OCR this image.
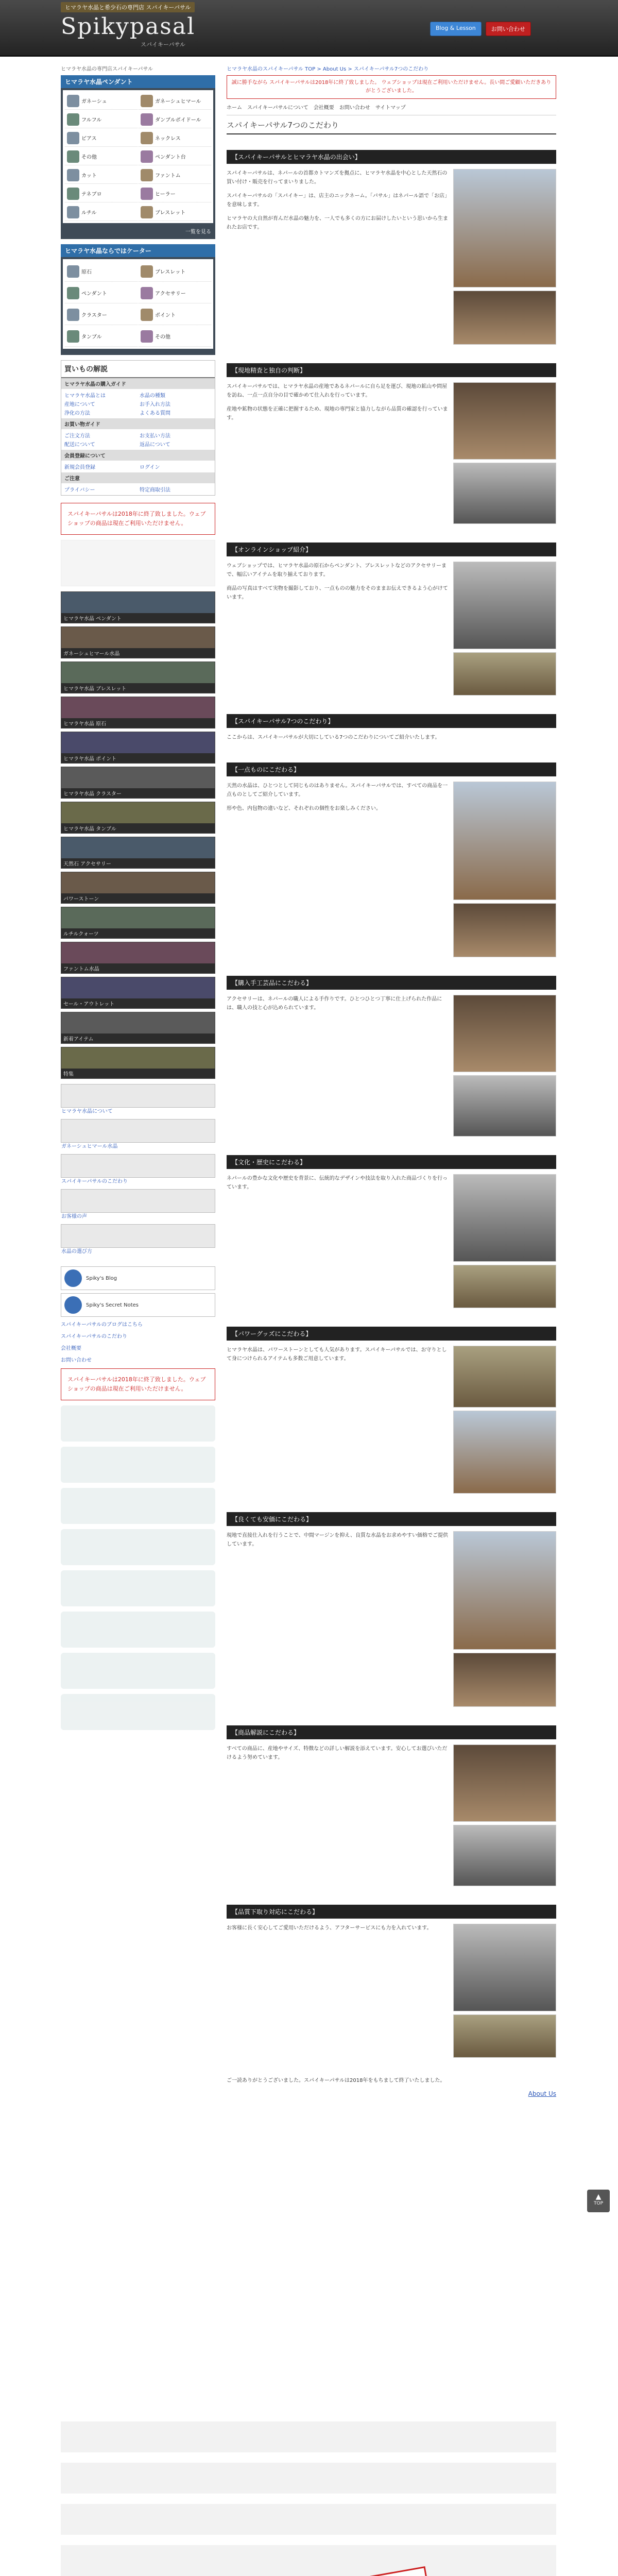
ヒマラヤ水晶と希少石の専門店 スパイキーパサル
Spikypasal
スパイキーパサル
Blog & Lesson	お問い合わせ
ヒマラヤ水晶の専門店スパイキーパサル
ヒマラヤ水晶ペンダント
ガネーシュ	ガネーシュヒマール
フルフル	ダンブルボイドール
ピアス	ネックレス
その他	ペンダント台
カット	ファントム
テネブロ	ヒーラー
ルチル	ブレスレット
一覧を見る
ヒマラヤ水晶ならではケーター
原石	ブレスレット
ペンダント	アクセサリー
クラスター	ポイント
タンブル	その他
買いもの解説
ヒマラヤ水晶の購入ガイド
ヒマラヤ水晶とは	水晶の種類
産地について	お手入れ方法
浄化の方法	よくある質問
お買い物ガイド
ご注文方法	お支払い方法
配送について	返品について
会員登録について
新規会員登録	ログイン
ご注意
プライバシー	特定商取引法
スパイキーパサルは2018年に終了致しました。ウェブショップの商品は現在ご利用いただけません。
ヒマラヤ水晶 ペンダント
ガネーシュヒマール水晶
ヒマラヤ水晶 ブレスレット
ヒマラヤ水晶 原石
ヒマラヤ水晶 ポイント
ヒマラヤ水晶 クラスター
ヒマラヤ水晶 タンブル
天然石 アクセサリー
パワーストーン
ルチルクォーツ
ファントム水晶
セール・アウトレット
新着アイテム
特集
ヒマラヤ水晶について
ガネーシュヒマール水晶
スパイキーパサルのこだわり
お客様の声
水晶の選び方
Spiky's Blog
Spiky's Secret Notes
スパイキーパサルのブログはこちら
スパイキーパサルのこだわり
会社概要
お問い合わせ
スパイキーパサルは2018年に終了致しました。ウェブショップの商品は現在ご利用いただけません。
ヒマラヤ水晶のスパイキーパサル TOP > About Us > スパイキーパサル7つのこだわり
誠に勝手ながら スパイキーパサルは2018年に終了致しました。 ウェブショップは現在ご利用いただけません。長い間ご愛顧いただきありがとうございました。
ホーム スパイキーパサルについて 会社概要 お問い合わせ サイトマップ
スパイキーパサル7つのこだわり
【スパイキーパサルとヒマラヤ水晶の出会い】

スパイキーパサルは、ネパールの首都カトマンズを拠点に、ヒマラヤ水晶を中心とした天然石の買い付け・販売を行ってまいりました。

スパイキーパサルの「スパイキー」は、店主のニックネーム。「パサル」はネパール語で「お店」を意味します。

ヒマラヤの大自然が育んだ水晶の魅力を、一人でも多くの方にお届けしたいという思いから生まれたお店です。

【現地精査と独自の判断】

スパイキーパサルでは、ヒマラヤ水晶の産地であるネパールに自ら足を運び、現地の鉱山や問屋を訪ね、一点一点自分の目で確かめて仕入れを行っています。

産地や鉱物の状態を正確に把握するため、現地の専門家と協力しながら品質の確認を行っています。

【オンラインショップ紹介】

ウェブショップでは、ヒマラヤ水晶の原石からペンダント、ブレスレットなどのアクセサリーまで、幅広いアイテムを取り揃えております。

商品の写真はすべて実物を撮影しており、一点ものの魅力をそのままお伝えできるよう心がけています。

【スパイキーパサル7つのこだわり】

ここからは、スパイキーパサルが大切にしている7つのこだわりについてご紹介いたします。

【一点ものにこだわる】

天然の水晶は、ひとつとして同じものはありません。スパイキーパサルでは、すべての商品を一点ものとしてご紹介しています。

形や色、内包物の違いなど、それぞれの個性をお楽しみください。

【購入手工芸品にこだわる】

アクセサリーは、ネパールの職人による手作りです。ひとつひとつ丁寧に仕上げられた作品には、職人の技と心が込められています。

【文化・歴史にこだわる】

ネパールの豊かな文化や歴史を背景に、伝統的なデザインや技法を取り入れた商品づくりを行っています。

【パワーグッズにこだわる】

ヒマラヤ水晶は、パワーストーンとしても人気があります。スパイキーパサルでは、お守りとして身につけられるアイテムも多数ご用意しています。

【良くても安価にこだわる】

現地で直接仕入れを行うことで、中間マージンを抑え、良質な水晶をお求めやすい価格でご提供しています。

【商品解説にこだわる】

すべての商品に、産地やサイズ、特徴などの詳しい解説を添えています。安心してお選びいただけるよう努めています。

【品質下取り対応にこだわる】

お客様に長く安心してご愛用いただけるよう、アフターサービスにも力を入れています。

ご一読ありがとうございました。スパイキーパサルは2018年をもちまして終了いたしました。
About Us
▲
TOP
